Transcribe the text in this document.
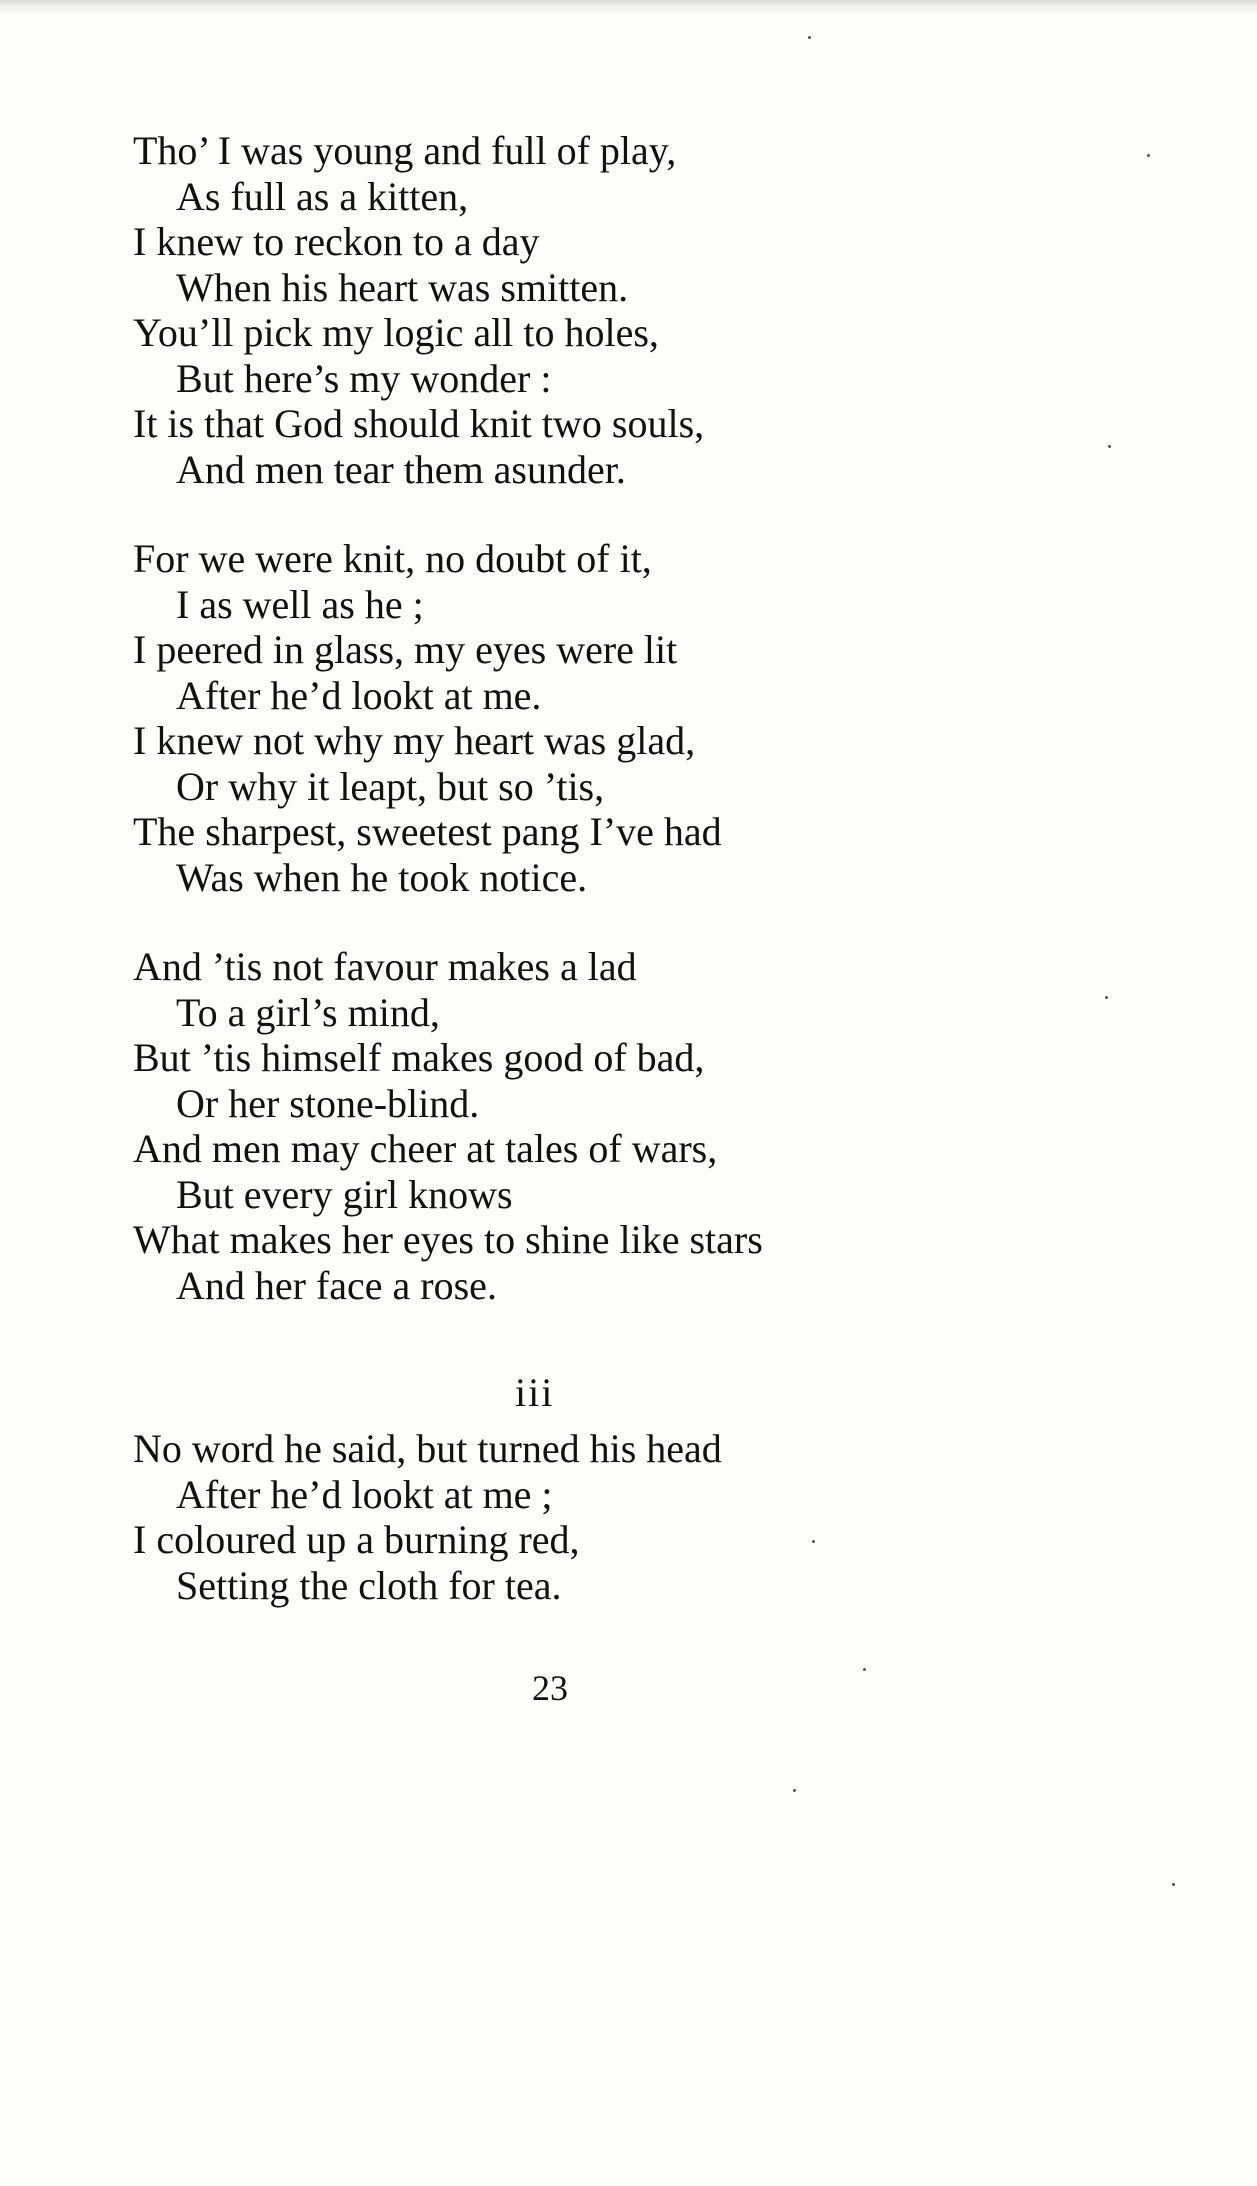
Tho’ I was young and full of play,
As full as a kitten,
I knew to reckon to a day
When his heart was smitten.
You’ll pick my logic all to holes,
But here’s my wonder :
It is that God should knit two souls,
And men tear them asunder.
For we were knit, no doubt of it,
I as well as he ;
I peered in glass, my eyes were lit
After he’d lookt at me.
I knew not why my heart was glad,
Or why it leapt, but so ’tis,
The sharpest, sweetest pang I’ve had
Was when he took notice.
And ’tis not favour makes a lad
To a girl’s mind,
But ’tis himself makes good of bad,
Or her stone-blind.
And men may cheer at tales of wars,
But every girl knows
What makes her eyes to shine like stars
And her face a rose.
iii
No word he said, but turned his head
After he’d lookt at me ;
I coloured up a burning red,
Setting the cloth for tea.
23
